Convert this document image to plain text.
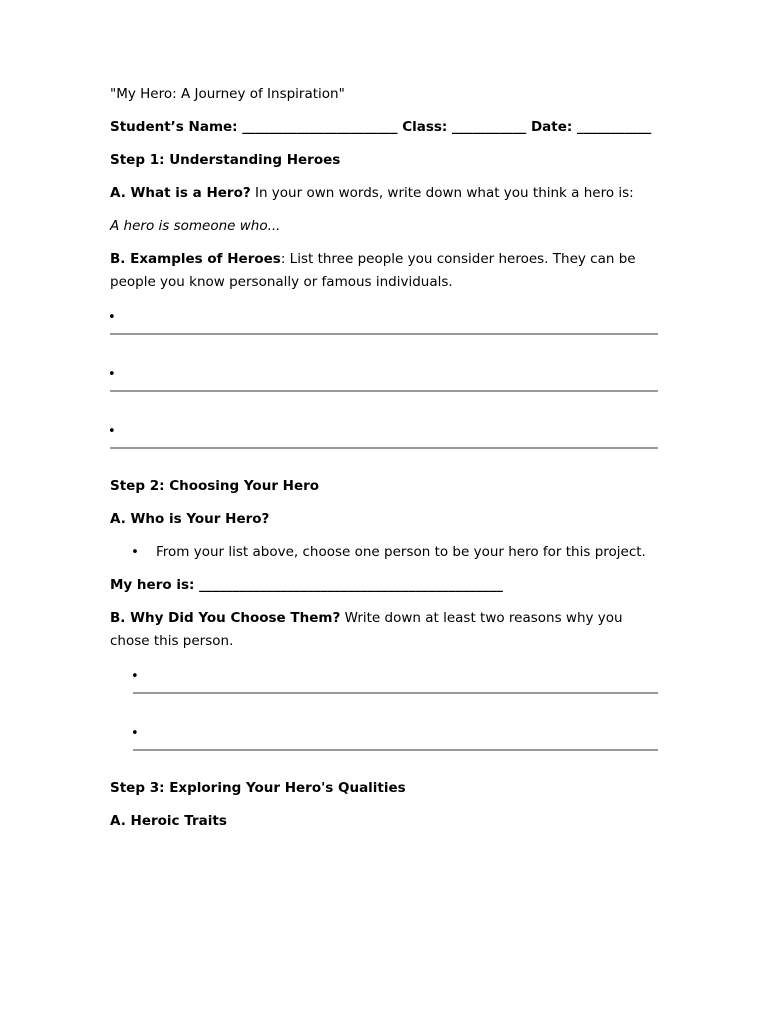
"My Hero: A Journey of Inspiration"

Student’s Name: _______________________ Class: ___________ Date: ___________

Step 1: Understanding Heroes

A. What is a Hero? In your own words, write down what you think a hero is:

A hero is someone who...

B. Examples of Heroes: List three people you consider heroes. They can be people you know personally or famous individuals.

•
•
•

Step 2: Choosing Your Hero

A. Who is Your Hero?

• From your list above, choose one person to be your hero for this project.

My hero is: _____________________________________________

B. Why Did You Choose Them? Write down at least two reasons why you chose this person.

•
•

Step 3: Exploring Your Hero's Qualities

A. Heroic Traits
